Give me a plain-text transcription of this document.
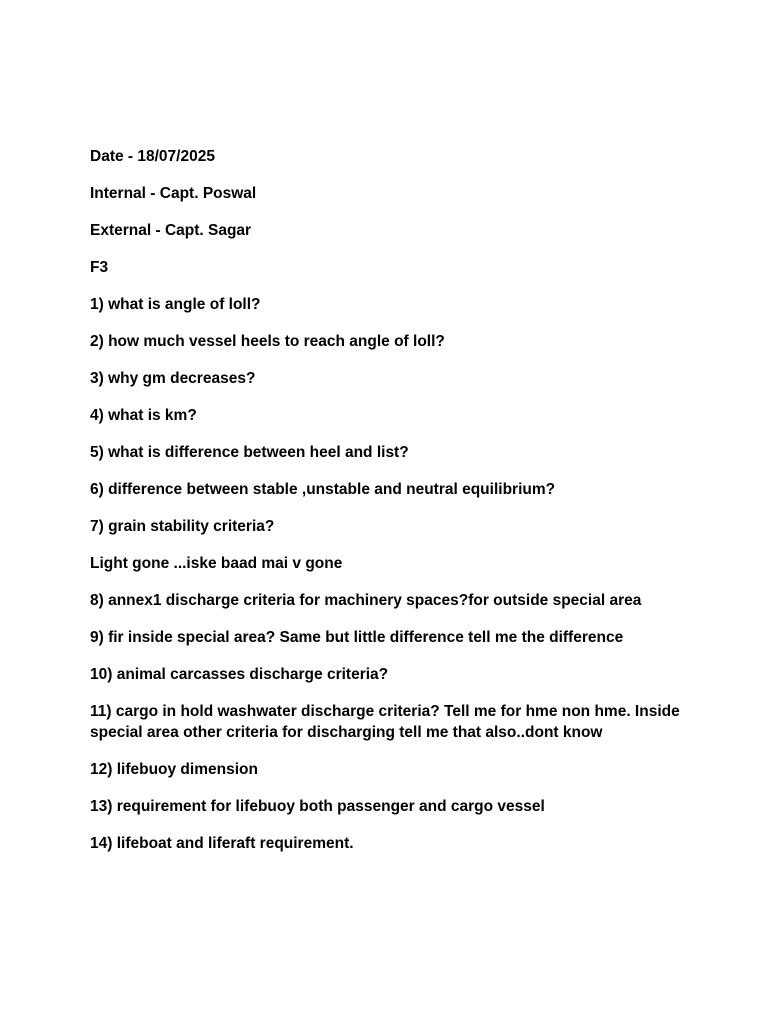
Date - 18/07/2025

Internal - Capt. Poswal

External - Capt. Sagar

F3

1) what is angle of loll?

2) how much vessel heels to reach angle of loll?

3) why gm decreases?

4) what is km?

5) what is difference between heel and list?

6) difference between stable ,unstable and neutral equilibrium?

7) grain stability criteria?

Light gone ...iske baad mai v gone

8) annex1 discharge criteria for machinery spaces?for outside special area

9) fir inside special area? Same but little difference tell me the difference

10) animal carcasses discharge criteria?

11) cargo in hold washwater discharge criteria? Tell me for hme non hme. Inside special area other criteria for discharging tell me that also..dont know

12) lifebuoy dimension

13) requirement for lifebuoy both passenger and cargo vessel

14) lifeboat and liferaft requirement.
